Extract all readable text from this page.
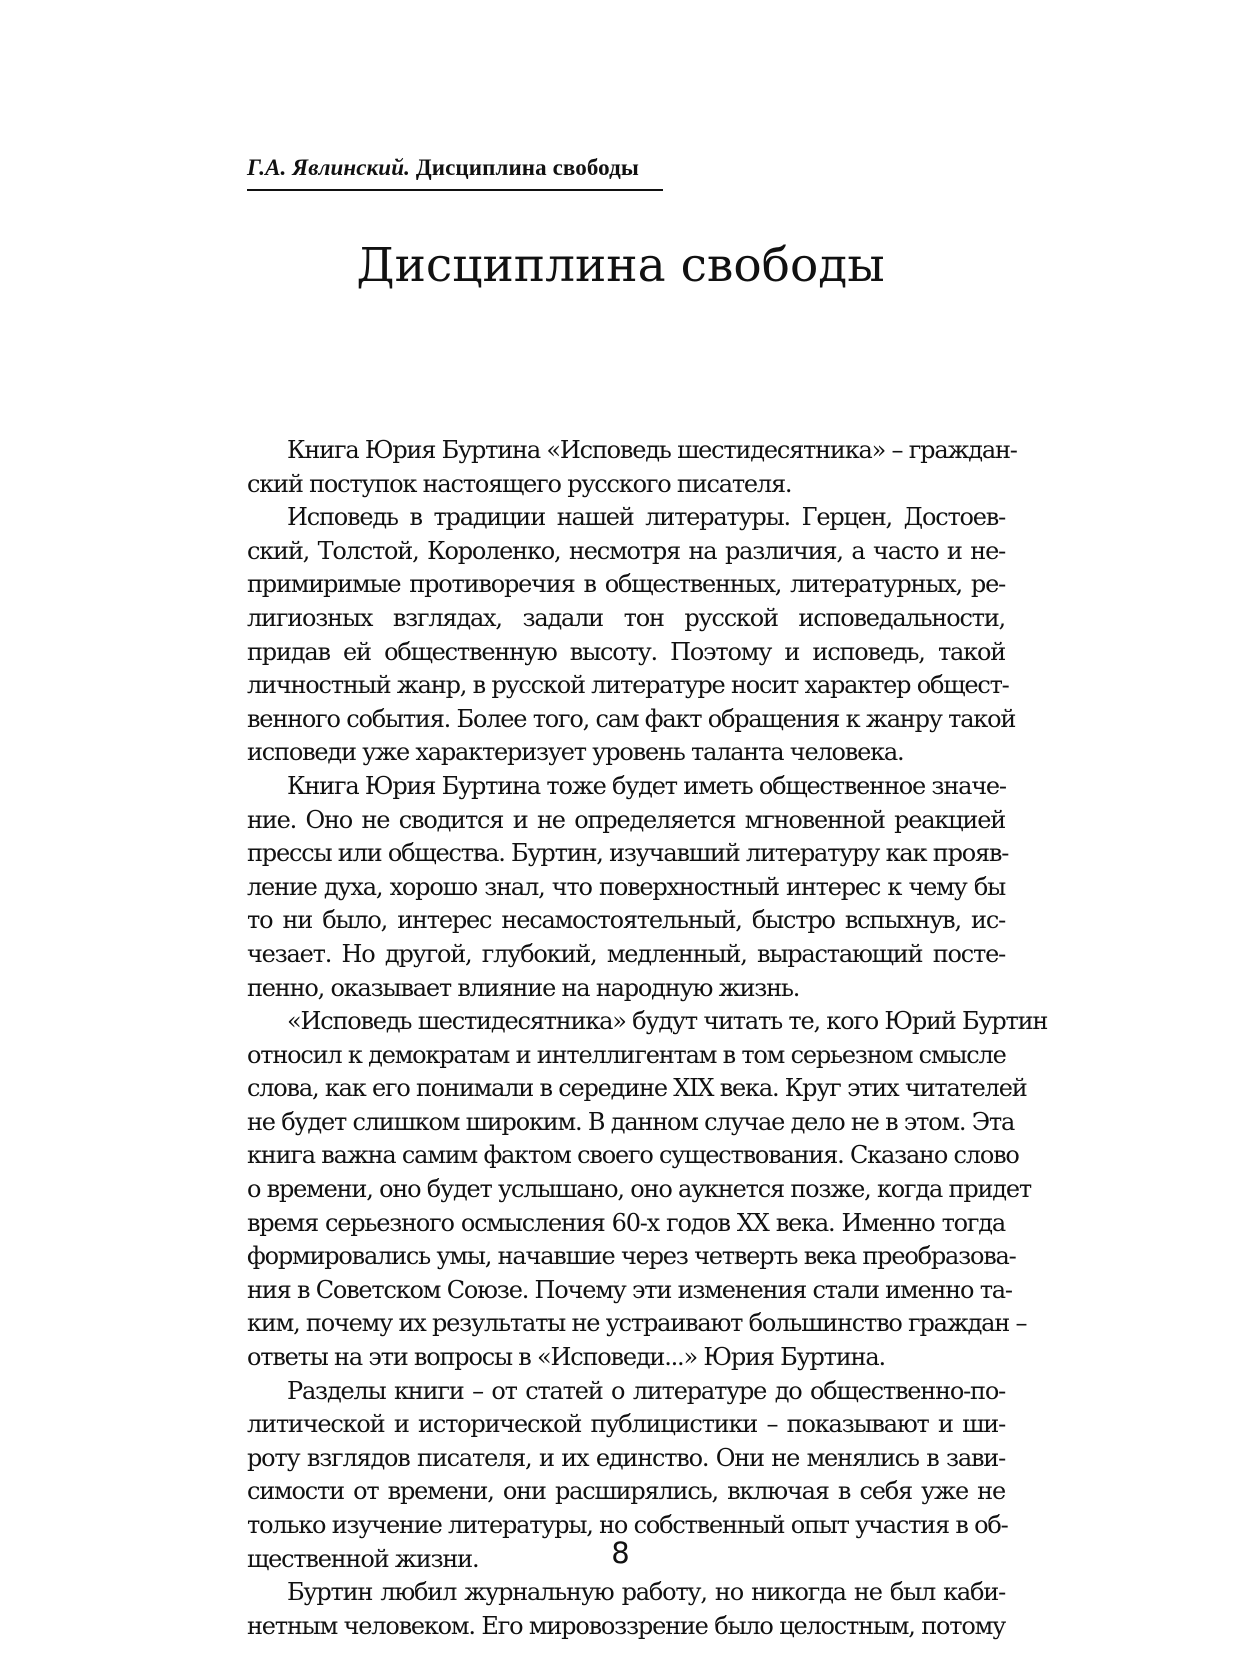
Г.А. Явлинский. Дисциплина свободы
Дисциплина свободы
Книга Юрия Буртина «Исповедь шестидесятника» – граждан-
ский поступок настоящего русского писателя.
Исповедь в традиции нашей литературы. Герцен, Достоев-
ский, Толстой, Короленко, несмотря на различия, а часто и не-
примиримые противоречия в общественных, литературных, ре-
лигиозных взглядах, задали тон русской исповедальности,
придав ей общественную высоту. Поэтому и исповедь, такой
личностный жанр, в русской литературе носит характер общест-
венного события. Более того, сам факт обращения к жанру такой
исповеди уже характеризует уровень таланта человека.
Книга Юрия Буртина тоже будет иметь общественное значе-
ние. Оно не сводится и не определяется мгновенной реакцией
прессы или общества. Буртин, изучавший литературу как прояв-
ление духа, хорошо знал, что поверхностный интерес к чему бы
то ни было, интерес несамостоятельный, быстро вспыхнув, ис-
чезает. Но другой, глубокий, медленный, вырастающий посте-
пенно, оказывает влияние на народную жизнь.
«Исповедь шестидесятника» будут читать те, кого Юрий Буртин
относил к демократам и интеллигентам в том серьезном смысле
слова, как его понимали в середине XIX века. Круг этих читателей
не будет слишком широким. В данном случае дело не в этом. Эта
книга важна самим фактом своего существования. Сказано слово
о времени, оно будет услышано, оно аукнется позже, когда придет
время серьезного осмысления 60-х годов XX века. Именно тогда
формировались умы, начавшие через четверть века преобразова-
ния в Советском Союзе. Почему эти изменения стали именно та-
ким, почему их результаты не устраивают большинство граждан –
ответы на эти вопросы в «Исповеди...» Юрия Буртина.
Разделы книги – от статей о литературе до общественно-по-
литической и исторической публицистики – показывают и ши-
роту взглядов писателя, и их единство. Они не менялись в зави-
симости от времени, они расширялись, включая в себя уже не
только изучение литературы, но собственный опыт участия в об-
щественной жизни.
Буртин любил журнальную работу, но никогда не был каби-
нетным человеком. Его мировоззрение было целостным, потому
8
